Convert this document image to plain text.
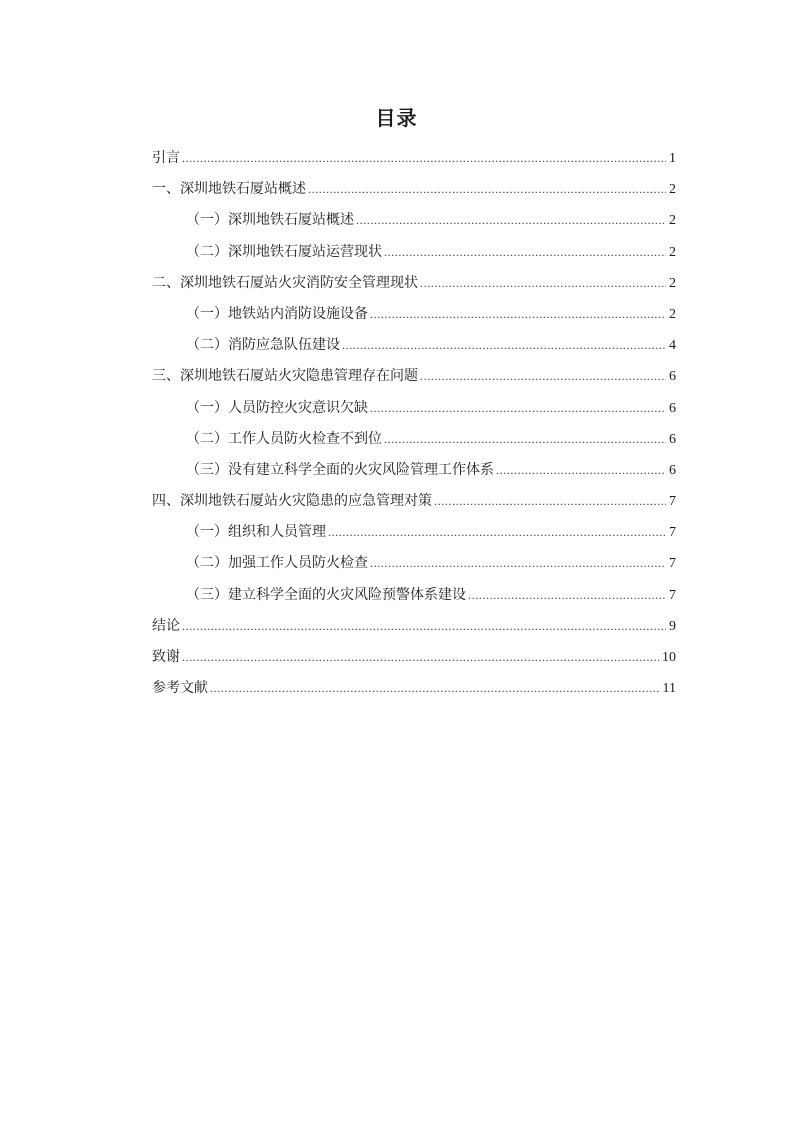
目录
引言 .....	1
一、深圳地铁石厦站概述 .....	2
（一）深圳地铁石厦站概述 .....	2
（二）深圳地铁石厦站运营现状 .....	2
二、深圳地铁石厦站火灾消防安全管理现状 .....	2
（一）地铁站内消防设施设备 .....	2
（二）消防应急队伍建设 .....	4
三、深圳地铁石厦站火灾隐患管理存在问题 .....	6
（一）人员防控火灾意识欠缺 .....	6
（二）工作人员防火检查不到位 .....	6
（三）没有建立科学全面的火灾风险管理工作体系 .....	6
四、深圳地铁石厦站火灾隐患的应急管理对策 .....	7
（一）组织和人员管理 .....	7
（二）加强工作人员防火检查 .....	7
（三）建立科学全面的火灾风险预警体系建设 .....	7
结论 .....	9
致谢 .....	10
参考文献 .....	11
